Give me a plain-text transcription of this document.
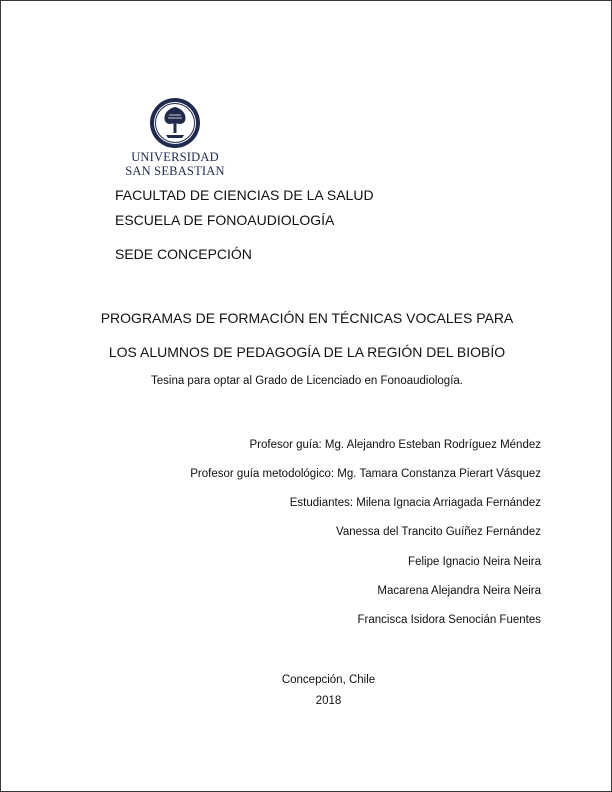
UNIVERSIDAD
SAN SEBASTIAN
FACULTAD DE CIENCIAS DE LA SALUD
ESCUELA DE FONOAUDIOLOGÍA
SEDE CONCEPCIÓN
PROGRAMAS DE FORMACIÓN EN TÉCNICAS VOCALES PARA
LOS ALUMNOS DE PEDAGOGÍA DE LA REGIÓN DEL BIOBÍO
Tesina para optar al Grado de Licenciado en Fonoaudiología.
Profesor guía: Mg. Alejandro Esteban Rodríguez Méndez
Profesor guía metodológico: Mg. Tamara Constanza Pierart Vásquez
Estudiantes: Milena Ignacia Arriagada Fernández
Vanessa del Trancito Guíñez Fernández
Felipe Ignacio Neira Neira
Macarena Alejandra Neira Neira
Francisca Isidora Senocián Fuentes
Concepción, Chile
2018
